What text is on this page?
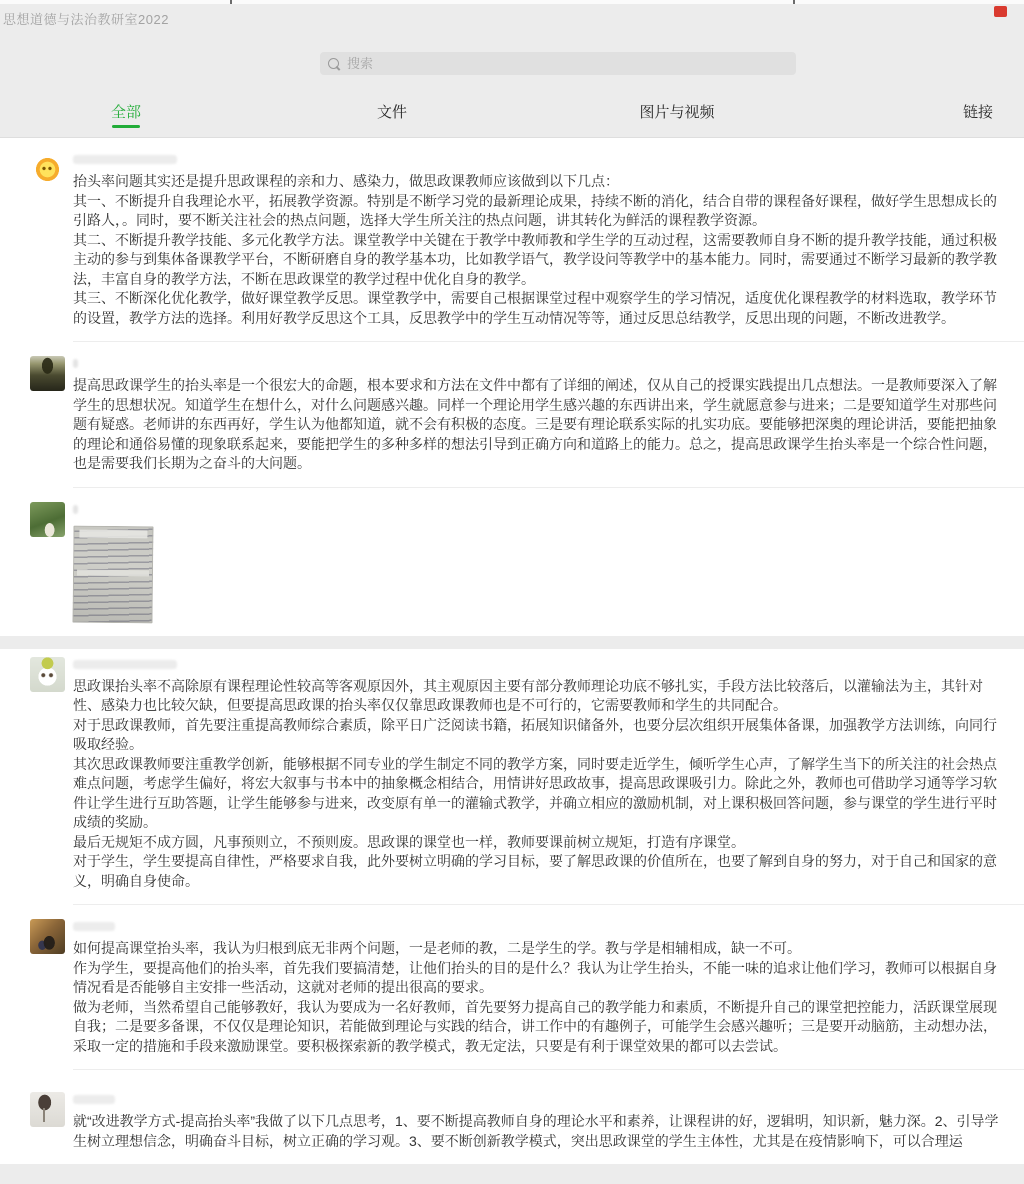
思想道德与法治教研室2022
搜索
全部	文件	图片与视频	链接

抬头率问题其实还是提升思政课程的亲和力、感染力，做思政课教师应该做到以下几点：

其一、不断提升自我理论水平，拓展教学资源。特别是不断学习党的最新理论成果，持续不断的消化，结合自带的课程备好课程，做好学生思想成长的引路人，。同时，要不断关注社会的热点问题，选择大学生所关注的热点问题，讲其转化为鲜活的课程教学资源。

其二、不断提升教学技能、多元化教学方法。课堂教学中关键在于教学中教师教和学生学的互动过程，这需要教师自身不断的提升教学技能，通过积极主动的参与到集体备课教学平台，不断研磨自身的教学基本功，比如教学语气，教学设问等教学中的基本能力。同时，需要通过不断学习最新的教学教法，丰富自身的教学方法，不断在思政课堂的教学过程中优化自身的教学。

其三、不断深化优化教学，做好课堂教学反思。课堂教学中，需要自己根据课堂过程中观察学生的学习情况，适度优化课程教学的材料选取，教学环节的设置，教学方法的选择。利用好教学反思这个工具，反思教学中的学生互动情况等等，通过反思总结教学，反思出现的问题，不断改进教学。

提高思政课学生的抬头率是一个很宏大的命题，根本要求和方法在文件中都有了详细的阐述，仅从自己的授课实践提出几点想法。一是教师要深入了解学生的思想状况。知道学生在想什么，对什么问题感兴趣。同样一个理论用学生感兴趣的东西讲出来，学生就愿意参与进来；二是要知道学生对那些问题有疑惑。老师讲的东西再好，学生认为他都知道，就不会有积极的态度。三是要有理论联系实际的扎实功底。要能够把深奥的理论讲活，要能把抽象的理论和通俗易懂的现象联系起来，要能把学生的多种多样的想法引导到正确方向和道路上的能力。总之，提高思政课学生抬头率是一个综合性问题，也是需要我们长期为之奋斗的大问题。

思政课抬头率不高除原有课程理论性较高等客观原因外，其主观原因主要有部分教师理论功底不够扎实，手段方法比较落后，以灌输法为主，其针对性、感染力也比较欠缺，但要提高思政课的抬头率仅仅靠思政课教师也是不可行的，它需要教师和学生的共同配合。

对于思政课教师，首先要注重提高教师综合素质，除平日广泛阅读书籍，拓展知识储备外，也要分层次组织开展集体备课，加强教学方法训练，向同行吸取经验。

其次思政课教师要注重教学创新，能够根据不同专业的学生制定不同的教学方案，同时要走近学生，倾听学生心声，了解学生当下的所关注的社会热点难点问题，考虑学生偏好，将宏大叙事与书本中的抽象概念相结合，用情讲好思政故事，提高思政课吸引力。除此之外，教师也可借助学习通等学习软件让学生进行互助答题，让学生能够参与进来，改变原有单一的灌输式教学，并确立相应的激励机制，对上课积极回答问题，参与课堂的学生进行平时成绩的奖励。

最后无规矩不成方圆，凡事预则立，不预则废。思政课的课堂也一样，教师要课前树立规矩，打造有序课堂。

对于学生，学生要提高自律性，严格要求自我，此外要树立明确的学习目标，要了解思政课的价值所在，也要了解到自身的努力，对于自己和国家的意义，明确自身使命。

如何提高课堂抬头率，我认为归根到底无非两个问题，一是老师的教，二是学生的学。教与学是相辅相成，缺一不可。

作为学生，要提高他们的抬头率，首先我们要搞清楚，让他们抬头的目的是什么？我认为让学生抬头，不能一味的追求让他们学习，教师可以根据自身情况看是否能够自主安排一些活动，这就对老师的提出很高的要求。

做为老师，当然希望自己能够教好，我认为要成为一名好教师，首先要努力提高自己的教学能力和素质，不断提升自己的课堂把控能力，活跃课堂展现自我；二是要多备课，不仅仅是理论知识，若能做到理论与实践的结合，讲工作中的有趣例子，可能学生会感兴趣听；三是要开动脑筋，主动想办法，采取一定的措施和手段来激励课堂。要积极探索新的教学模式，教无定法，只要是有利于课堂效果的都可以去尝试。

就“改进教学方式-提高抬头率”我做了以下几点思考，1、要不断提高教师自身的理论水平和素养，让课程讲的好，逻辑明，知识新，魅力深。2、引导学生树立理想信念，明确奋斗目标，树立正确的学习观。3、要不断创新教学模式，突出思政课堂的学生主体性，尤其是在疫情影响下，可以合理运
